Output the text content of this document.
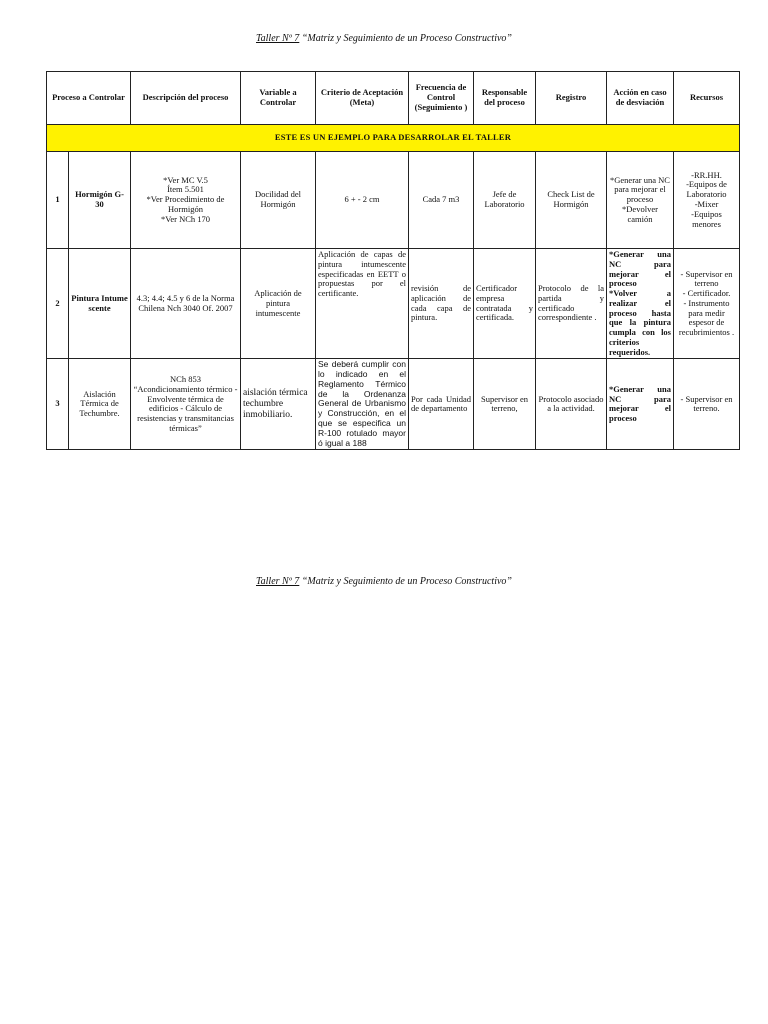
Taller Nº 7 “Matriz y Seguimiento de un Proceso Constructivo”
Proceso a Controlar		Descripción del proceso	Variable a Controlar	Criterio de Aceptación (Meta)	Frecuencia de Control (Seguimiento )	Responsable del proceso	Registro	Acción en caso de desviación	Recursos
ESTE ES UN EJEMPLO PARA DESARROLAR EL TALLER									
1	Hormigón G-30	*Ver MC V.5
Ítem 5.501
*Ver Procedimiento de Hormigón
*Ver NCh 170	Docilidad del Hormigón	6 + - 2 cm	Cada 7 m3	Jefe de Laboratorio	Check List de Hormigón	*Generar una NC para mejorar el proceso
*Devolver camión	-RR.HH.
-Equipos de Laboratorio
-Mixer
-Equipos menores
2	Pintura Intumescente	4.3; 4.4; 4.5 y 6 de la Norma Chilena Nch 3040 Of. 2007	Aplicación de pintura intumescente	Aplicación de capas de pintura intumescente especificadas en EETT o propuestas por el certificante.	revisión de aplicación de cada capa de pintura.	Certificador empresa contratada y certificada.	Protocolo de la partida y certificado correspondiente .	*Generar una NC para mejorar el proceso
*Volver a realizar el proceso hasta que la pintura cumpla con los criterios requeridos.	- Supervisor en terreno
- Certificador.
- Instrumento para medir espesor de recubrimientos .
3	Aislación Térmica de Techumbre.	NCh 853
“Acondicionamiento térmico - Envolvente térmica de edificios - Cálculo de resistencias y transmitancias térmicas”	aislación térmica techumbre inmobiliario.	Se deberá cumplir con lo indicado en el Reglamento Térmico de la Ordenanza General de Urbanismo y Construcción, en el que se especifica un R-100 rotulado mayor ó igual a 188	Por cada Unidad de departamento	Supervisor en terreno,	Protocolo asociado a la actividad.	*Generar una NC para mejorar el proceso	- Supervisor en terreno.
Taller Nº 7 “Matriz y Seguimiento de un Proceso Constructivo”
